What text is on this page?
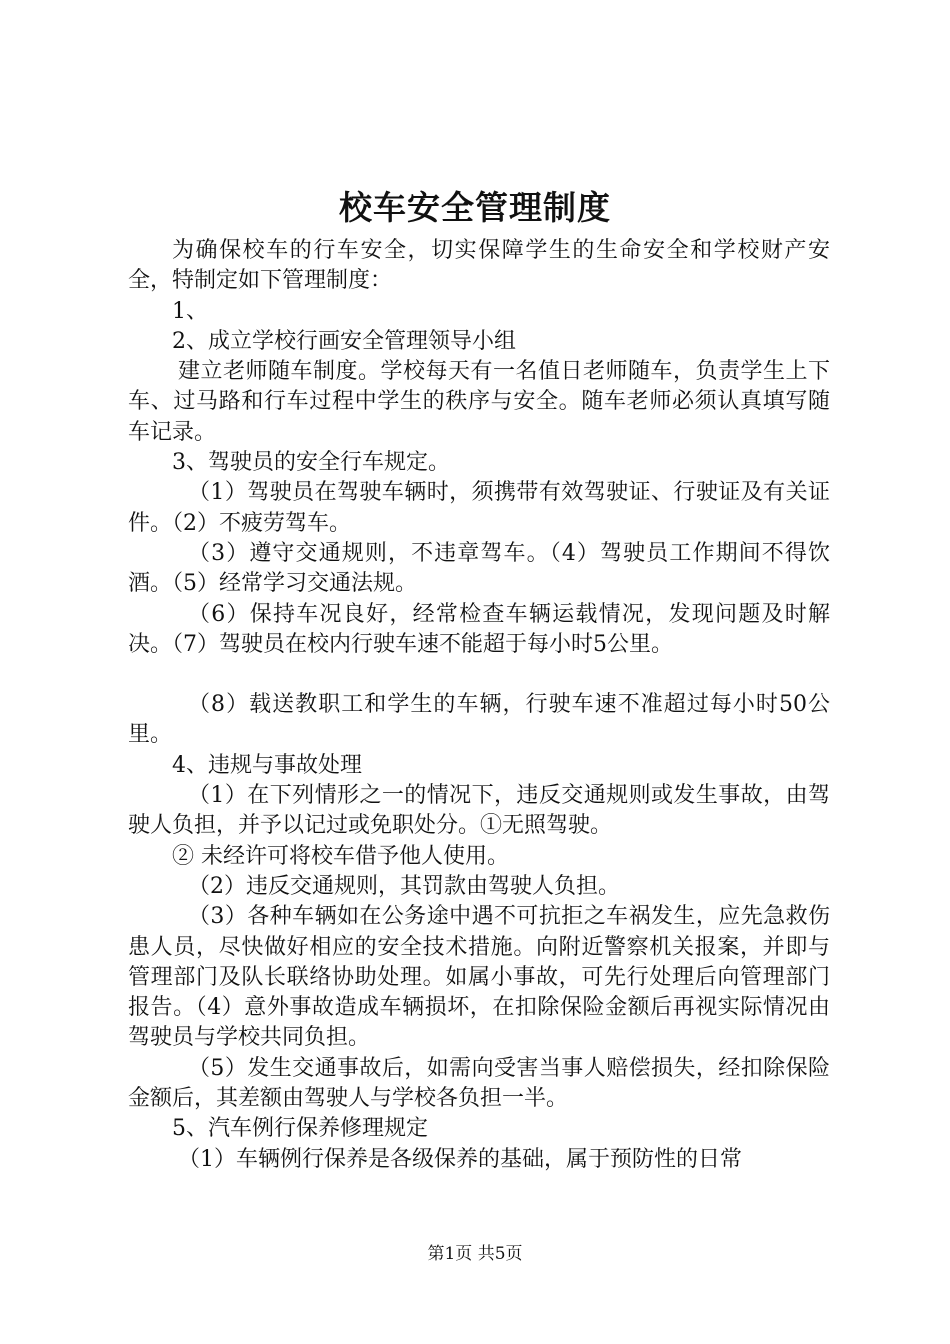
校车安全管理制度

为确保校车的行车安全，切实保障学生的生命安全和学校财产安全，特制定如下管理制度：

1、

2、成立学校行画安全管理领导小组

建立老师随车制度。学校每天有一名值日老师随车，负责学生上下车、过马路和行车过程中学生的秩序与安全。随车老师必须认真填写随车记录。

3、驾驶员的安全行车规定。

（1）驾驶员在驾驶车辆时，须携带有效驾驶证、行驶证及有关证件。（2）不疲劳驾车。

（3）遵守交通规则，不违章驾车。（4）驾驶员工作期间不得饮酒。（5）经常学习交通法规。

（6）保持车况良好，经常检查车辆运载情况，发现问题及时解决。（7）驾驶员在校内行驶车速不能超于每小时5公里。

（8）载送教职工和学生的车辆，行驶车速不准超过每小时50公里。

4、违规与事故处理

（1）在下列情形之一的情况下，违反交通规则或发生事故，由驾驶人负担，并予以记过或免职处分。①无照驾驶。

② 未经许可将校车借予他人使用。

（2）违反交通规则，其罚款由驾驶人负担。

（3）各种车辆如在公务途中遇不可抗拒之车祸发生，应先急救伤患人员，尽快做好相应的安全技术措施。向附近警察机关报案，并即与管理部门及队长联络协助处理。如属小事故，可先行处理后向管理部门报告。（4）意外事故造成车辆损坏，在扣除保险金额后再视实际情况由驾驶员与学校共同负担。

（5）发生交通事故后，如需向受害当事人赔偿损失，经扣除保险金额后，其差额由驾驶人与学校各负担一半。

5、汽车例行保养修理规定

（1）车辆例行保养是各级保养的基础，属于预防性的日常

第1页 共5页
